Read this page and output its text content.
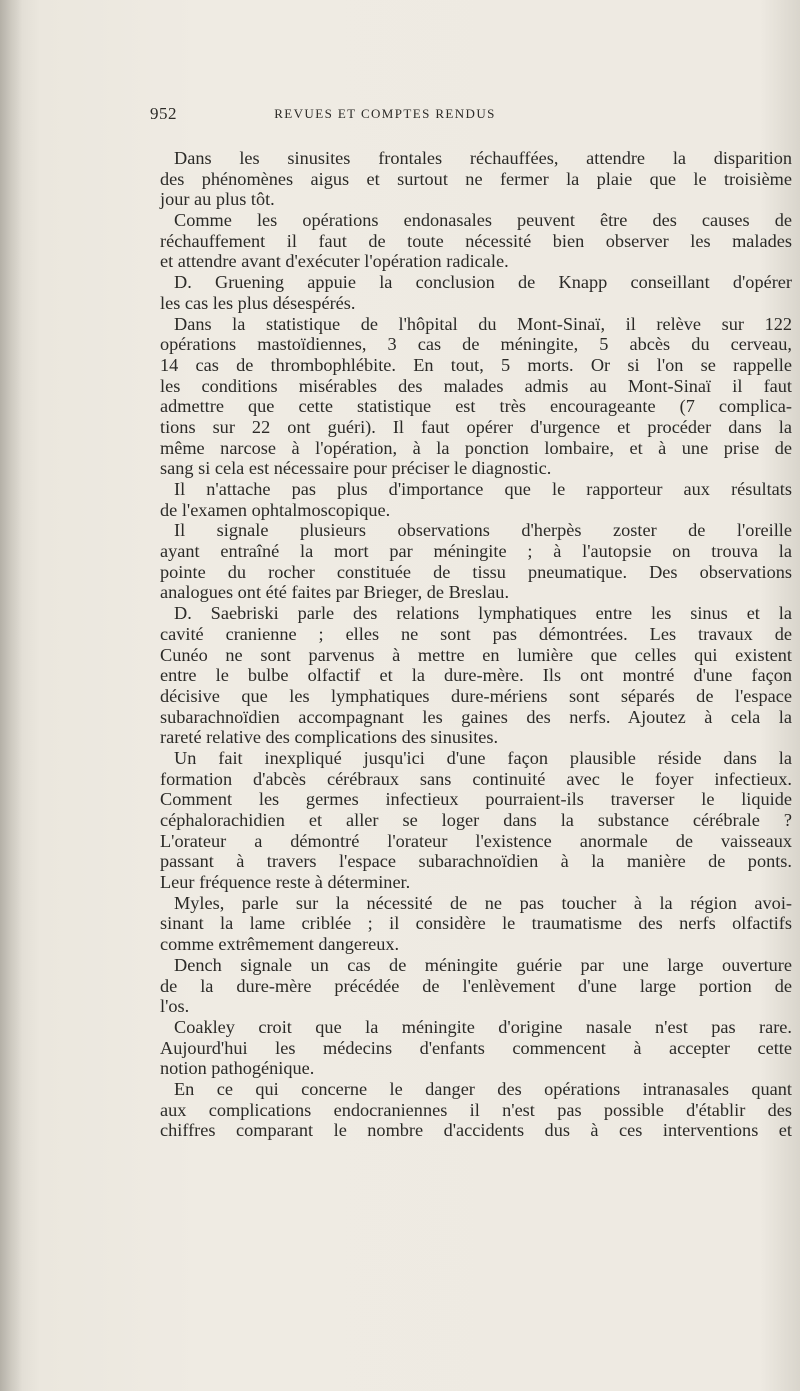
952	REVUES ET COMPTES RENDUS
Dans les sinusites frontales réchauffées, attendre la disparition
des phénomènes aigus et surtout ne fermer la plaie que le troisième
jour au plus tôt.
Comme les opérations endonasales peuvent être des causes de
réchauffement il faut de toute nécessité bien observer les malades
et attendre avant d'exécuter l'opération radicale.
D. Gruening appuie la conclusion de Knapp conseillant d'opérer
les cas les plus désespérés.
Dans la statistique de l'hôpital du Mont-Sinaï, il relève sur 122
opérations mastoïdiennes, 3 cas de méningite, 5 abcès du cerveau,
14 cas de thrombophlébite. En tout, 5 morts. Or si l'on se rappelle
les conditions misérables des malades admis au Mont-Sinaï il faut
admettre que cette statistique est très encourageante (7 complica-
tions sur 22 ont guéri). Il faut opérer d'urgence et procéder dans la
même narcose à l'opération, à la ponction lombaire, et à une prise de
sang si cela est nécessaire pour préciser le diagnostic.
Il n'attache pas plus d'importance que le rapporteur aux résultats
de l'examen ophtalmoscopique.
Il signale plusieurs observations d'herpès zoster de l'oreille
ayant entraîné la mort par méningite ; à l'autopsie on trouva la
pointe du rocher constituée de tissu pneumatique. Des observations
analogues ont été faites par Brieger, de Breslau.
D. Saebriski parle des relations lymphatiques entre les sinus et la
cavité cranienne ; elles ne sont pas démontrées. Les travaux de
Cunéo ne sont parvenus à mettre en lumière que celles qui existent
entre le bulbe olfactif et la dure-mère. Ils ont montré d'une façon
décisive que les lymphatiques dure-mériens sont séparés de l'espace
subarachnoïdien accompagnant les gaines des nerfs. Ajoutez à cela la
rareté relative des complications des sinusites.
Un fait inexpliqué jusqu'ici d'une façon plausible réside dans la
formation d'abcès cérébraux sans continuité avec le foyer infectieux.
Comment les germes infectieux pourraient-ils traverser le liquide
céphalorachidien et aller se loger dans la substance cérébrale ?
L'orateur a démontré l'orateur l'existence anormale de vaisseaux
passant à travers l'espace subarachnoïdien à la manière de ponts.
Leur fréquence reste à déterminer.
Myles, parle sur la nécessité de ne pas toucher à la région avoi-
sinant la lame criblée ; il considère le traumatisme des nerfs olfactifs
comme extrêmement dangereux.
Dench signale un cas de méningite guérie par une large ouverture
de la dure-mère précédée de l'enlèvement d'une large portion de
l'os.
Coakley croit que la méningite d'origine nasale n'est pas rare.
Aujourd'hui les médecins d'enfants commencent à accepter cette
notion pathogénique.
En ce qui concerne le danger des opérations intranasales quant
aux complications endocraniennes il n'est pas possible d'établir des
chiffres comparant le nombre d'accidents dus à ces interventions et
